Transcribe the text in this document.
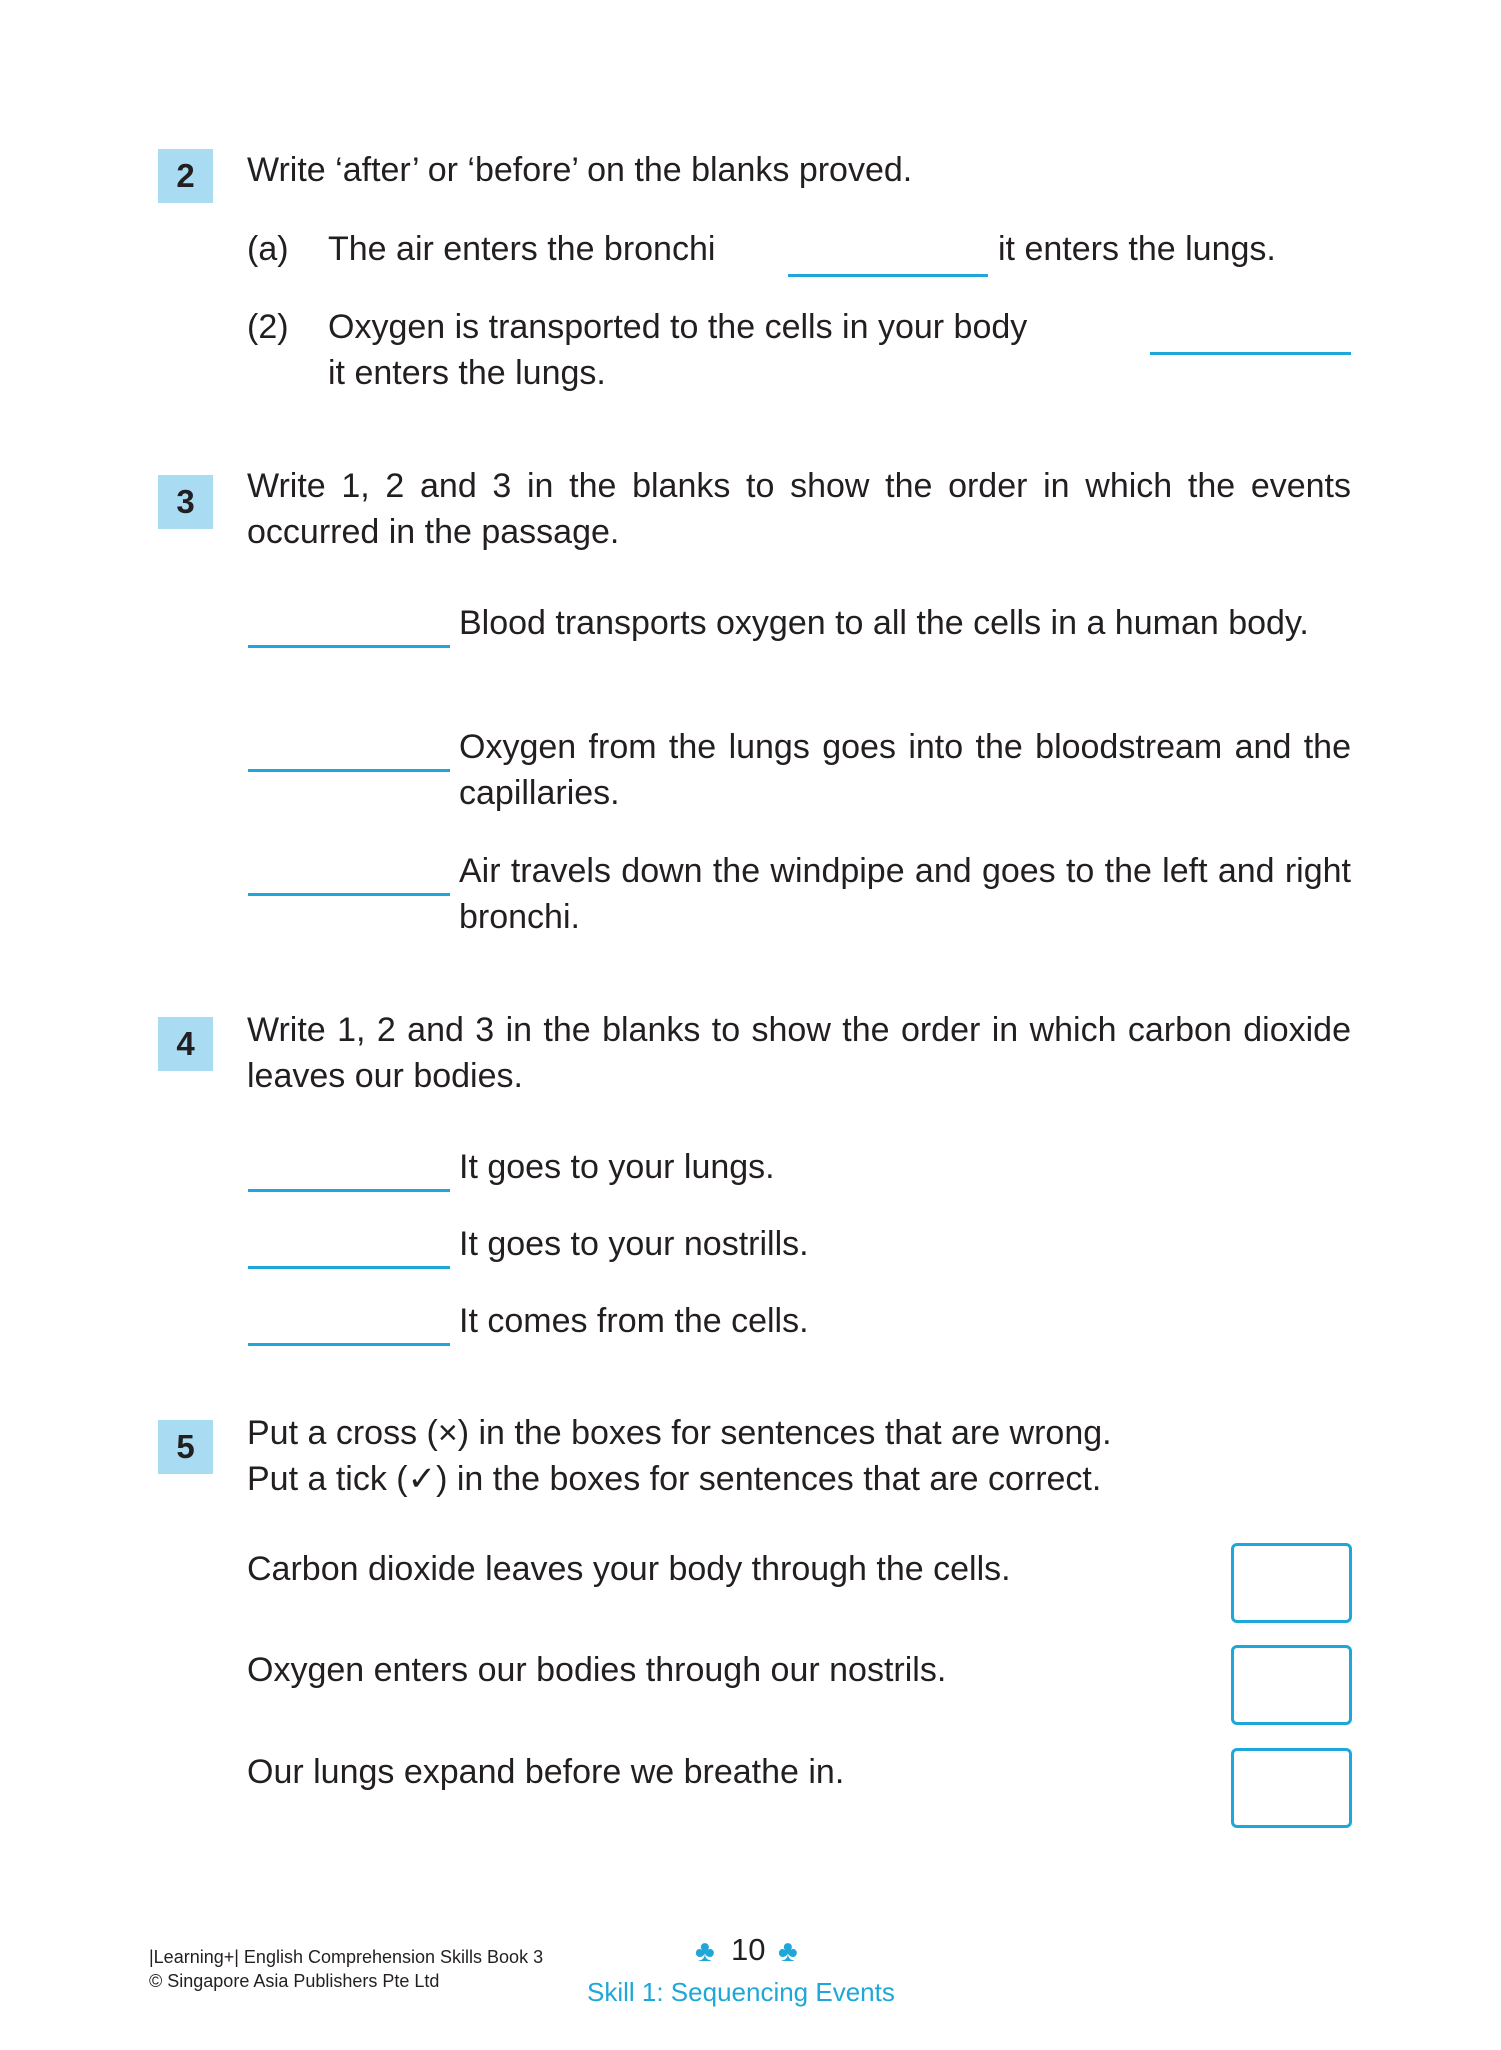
2	Write ‘after’ or ‘before’ on the blanks proved.
(a) The air enters the bronchi	it enters the lungs.
(2) Oxygen is transported to the cells in your body
it enters the lungs.
3	Write 1, 2 and 3 in the blanks to show the order in which the events occurred in the passage.
Blood transports oxygen to all the cells in a human body.
Oxygen from the lungs goes into the bloodstream and the capillaries.
Air travels down the windpipe and goes to the left and right bronchi.
4	Write 1, 2 and 3 in the blanks to show the order in which carbon dioxide leaves our bodies.
It goes to your lungs.
It goes to your nostrills.
It comes from the cells.
5	Put a cross (×) in the boxes for sentences that are wrong.
Put a tick (✓) in the boxes for sentences that are correct.
Carbon dioxide leaves your body through the cells.
Oxygen enters our bodies through our nostrils.
Our lungs expand before we breathe in.
|Learning+| English Comprehension Skills Book 3
© Singapore Asia Publishers Pte Ltd
♣ 10 ♣
Skill 1: Sequencing Events
